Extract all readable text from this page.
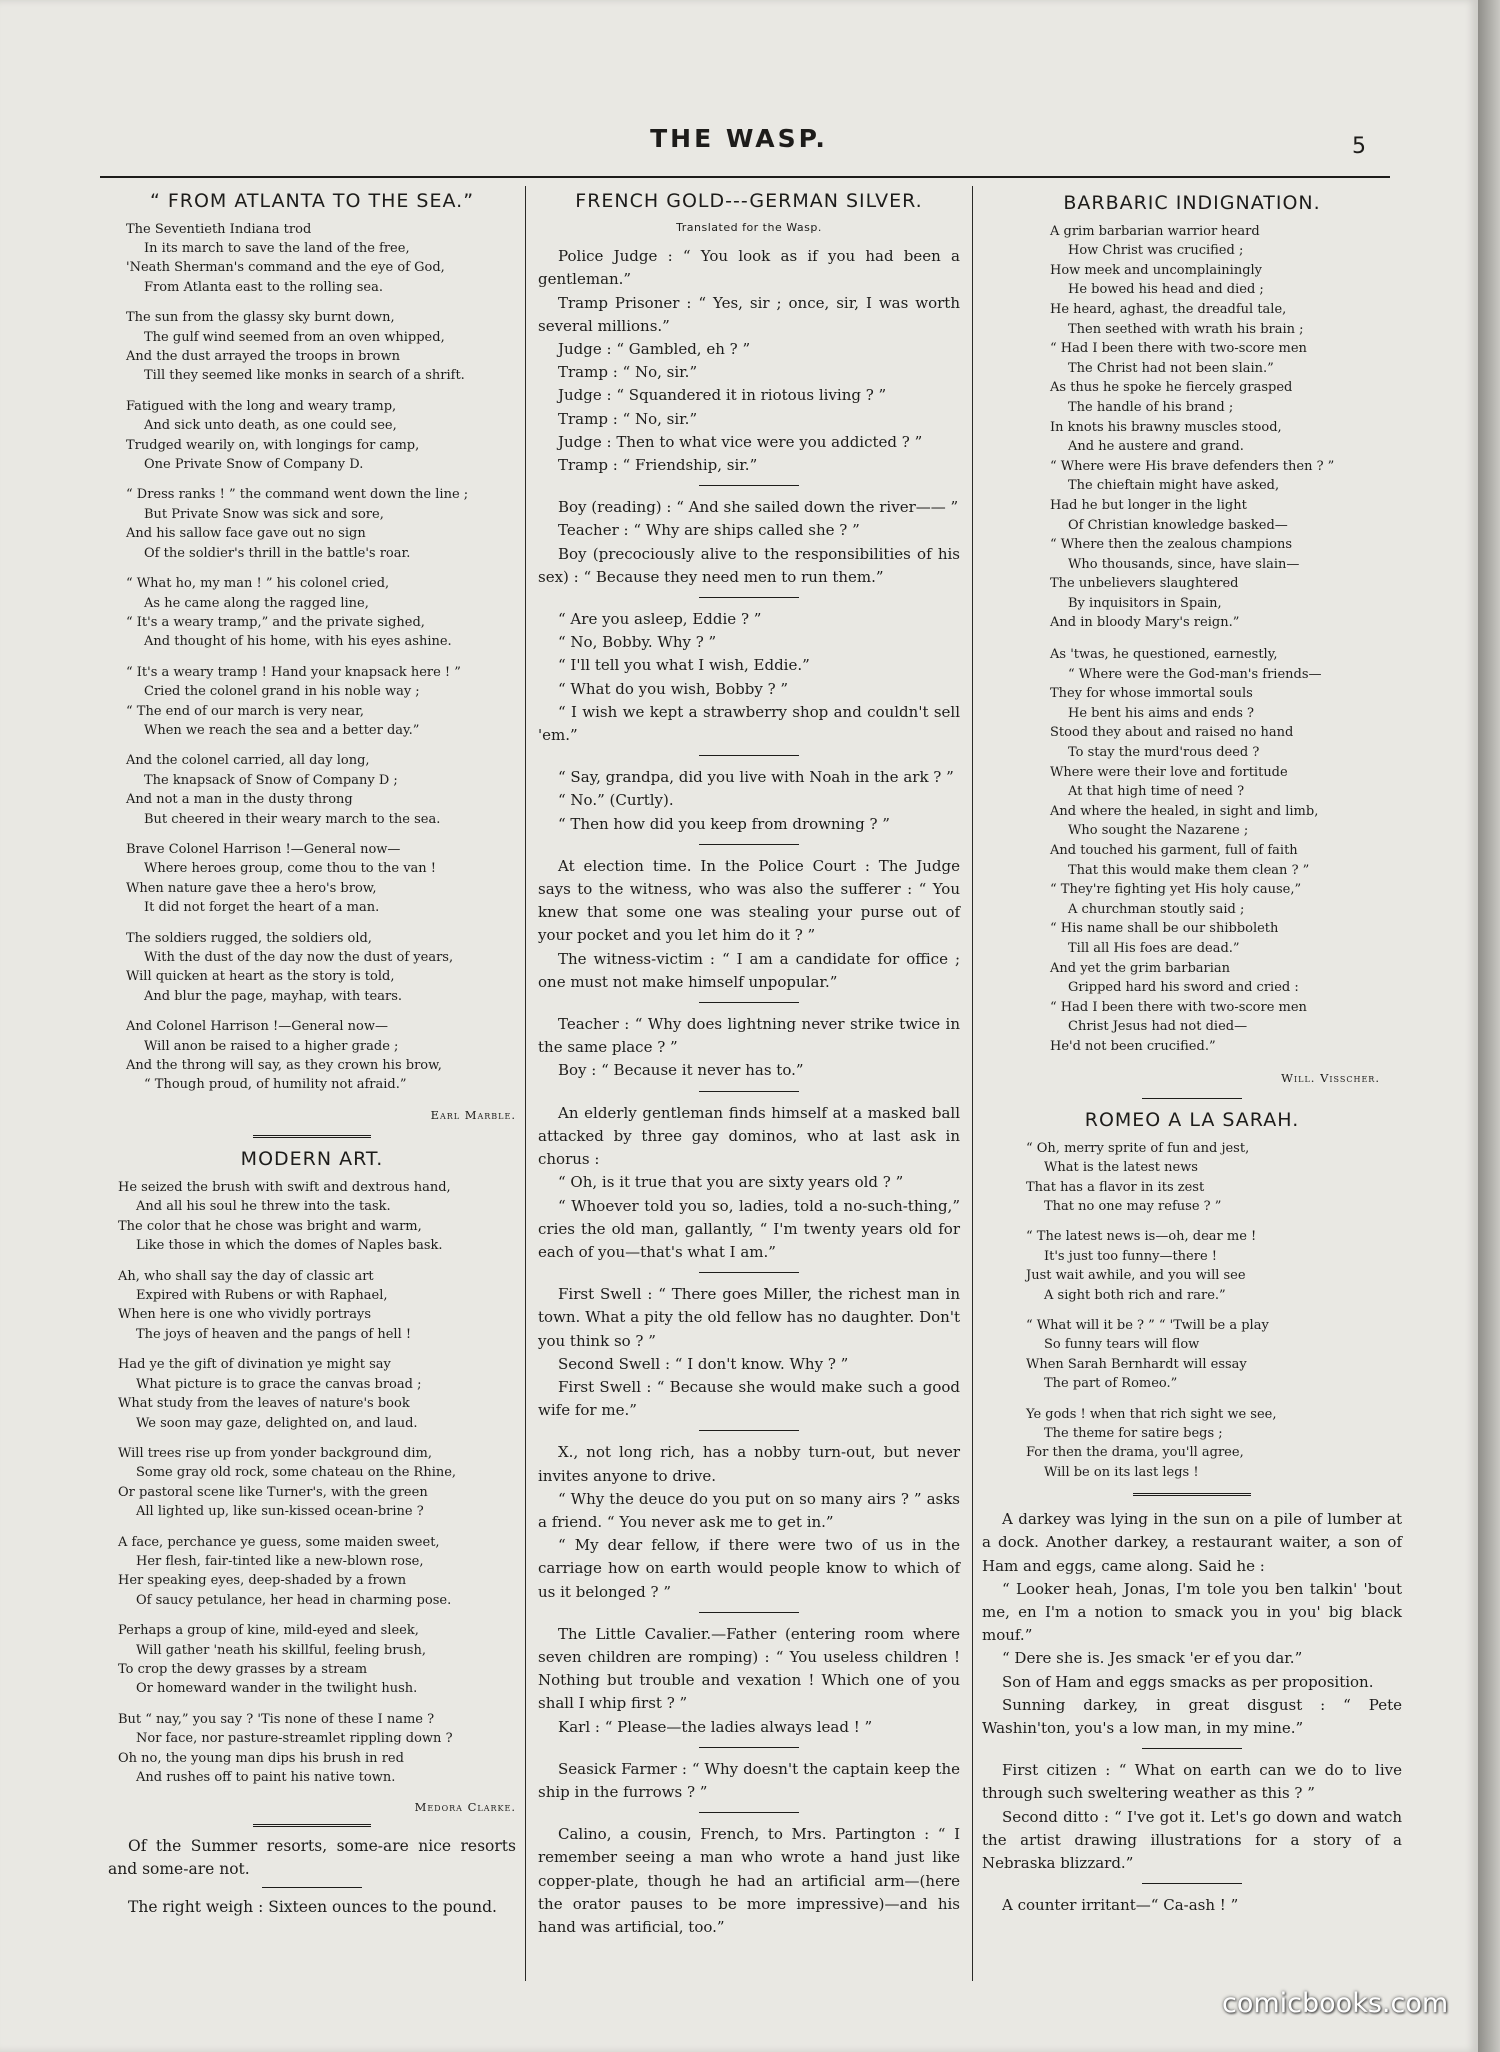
THE WASP.	5
“ FROM ATLANTA TO THE SEA.”
The Seventieth Indiana trod
In its march to save the land of the free,
'Neath Sherman's command and the eye of God,
From Atlanta east to the rolling sea.
The sun from the glassy sky burnt down,
The gulf wind seemed from an oven whipped,
And the dust arrayed the troops in brown
Till they seemed like monks in search of a shrift.
Fatigued with the long and weary tramp,
And sick unto death, as one could see,
Trudged wearily on, with longings for camp,
One Private Snow of Company D.
“ Dress ranks ! ” the command went down the line ;
But Private Snow was sick and sore,
And his sallow face gave out no sign
Of the soldier's thrill in the battle's roar.
“ What ho, my man ! ” his colonel cried,
As he came along the ragged line,
“ It's a weary tramp,” and the private sighed,
And thought of his home, with his eyes ashine.
“ It's a weary tramp ! Hand your knapsack here ! ”
Cried the colonel grand in his noble way ;
“ The end of our march is very near,
When we reach the sea and a better day.”
And the colonel carried, all day long,
The knapsack of Snow of Company D ;
And not a man in the dusty throng
But cheered in their weary march to the sea.
Brave Colonel Harrison !—General now—
Where heroes group, come thou to the van !
When nature gave thee a hero's brow,
It did not forget the heart of a man.
The soldiers rugged, the soldiers old,
With the dust of the day now the dust of years,
Will quicken at heart as the story is told,
And blur the page, mayhap, with tears.
And Colonel Harrison !—General now—
Will anon be raised to a higher grade ;
And the throng will say, as they crown his brow,
“ Though proud, of humility not afraid.”
Earl Marble.
MODERN ART.
He seized the brush with swift and dextrous hand,
And all his soul he threw into the task.
The color that he chose was bright and warm,
Like those in which the domes of Naples bask.
Ah, who shall say the day of classic art
Expired with Rubens or with Raphael,
When here is one who vividly portrays
The joys of heaven and the pangs of hell !
Had ye the gift of divination ye might say
What picture is to grace the canvas broad ;
What study from the leaves of nature's book
We soon may gaze, delighted on, and laud.
Will trees rise up from yonder background dim,
Some gray old rock, some chateau on the Rhine,
Or pastoral scene like Turner's, with the green
All lighted up, like sun-kissed ocean-brine ?
A face, perchance ye guess, some maiden sweet,
Her flesh, fair-tinted like a new-blown rose,
Her speaking eyes, deep-shaded by a frown
Of saucy petulance, her head in charming pose.
Perhaps a group of kine, mild-eyed and sleek,
Will gather 'neath his skillful, feeling brush,
To crop the dewy grasses by a stream
Or homeward wander in the twilight hush.
But “ nay,” you say ? 'Tis none of these I name ?
Nor face, nor pasture-streamlet rippling down ?
Oh no, the young man dips his brush in red
And rushes off to paint his native town.
Medora Clarke.

Of the Summer resorts, some-are nice resorts and some-are not.

The right weigh : Sixteen ounces to the pound.

FRENCH GOLD---GERMAN SILVER.
Translated for the Wasp.

Police Judge : “ You look as if you had been a gentleman.”

Tramp Prisoner : “ Yes, sir ; once, sir, I was worth several millions.”

Judge : “ Gambled, eh ? ”

Tramp : “ No, sir.”

Judge : “ Squandered it in riotous living ? ”

Tramp : “ No, sir.”

Judge : Then to what vice were you addicted ? ”

Tramp : “ Friendship, sir.”

Boy (reading) : “ And she sailed down the river—— ”

Teacher : “ Why are ships called she ? ”

Boy (precociously alive to the responsibilities of his sex) : “ Because they need men to run them.”

“ Are you asleep, Eddie ? ”

“ No, Bobby. Why ? ”

“ I'll tell you what I wish, Eddie.”

“ What do you wish, Bobby ? ”

“ I wish we kept a strawberry shop and couldn't sell 'em.”

“ Say, grandpa, did you live with Noah in the ark ? ”

“ No.” (Curtly).

“ Then how did you keep from drowning ? ”

At election time. In the Police Court : The Judge says to the witness, who was also the sufferer : “ You knew that some one was stealing your purse out of your pocket and you let him do it ? ”

The witness-victim : “ I am a candidate for office ; one must not make himself unpopular.”

Teacher : “ Why does lightning never strike twice in the same place ? ”

Boy : “ Because it never has to.”

An elderly gentleman finds himself at a masked ball attacked by three gay dominos, who at last ask in chorus :

“ Oh, is it true that you are sixty years old ? ”

“ Whoever told you so, ladies, told a no-such-thing,” cries the old man, gallantly, “ I'm twenty years old for each of you—that's what I am.”

First Swell : “ There goes Miller, the richest man in town. What a pity the old fellow has no daughter. Don't you think so ? ”

Second Swell : “ I don't know. Why ? ”

First Swell : “ Because she would make such a good wife for me.”

X., not long rich, has a nobby turn-out, but never invites anyone to drive.

“ Why the deuce do you put on so many airs ? ” asks a friend. “ You never ask me to get in.”

“ My dear fellow, if there were two of us in the carriage how on earth would people know to which of us it belonged ? ”

The Little Cavalier.—Father (entering room where seven children are romping) : “ You useless children ! Nothing but trouble and vexation ! Which one of you shall I whip first ? ”

Karl : “ Please—the ladies always lead ! ”

Seasick Farmer : “ Why doesn't the captain keep the ship in the furrows ? ”

Calino, a cousin, French, to Mrs. Partington : “ I remember seeing a man who wrote a hand just like copper-plate, though he had an artificial arm—(here the orator pauses to be more impressive)—and his hand was artificial, too.”

BARBARIC INDIGNATION.
A grim barbarian warrior heard
How Christ was crucified ;
How meek and uncomplainingly
He bowed his head and died ;
He heard, aghast, the dreadful tale,
Then seethed with wrath his brain ;
“ Had I been there with two-score men
The Christ had not been slain.”
As thus he spoke he fiercely grasped
The handle of his brand ;
In knots his brawny muscles stood,
And he austere and grand.
“ Where were His brave defenders then ? ”
The chieftain might have asked,
Had he but longer in the light
Of Christian knowledge basked—
“ Where then the zealous champions
Who thousands, since, have slain—
The unbelievers slaughtered
By inquisitors in Spain,
And in bloody Mary's reign.”
As 'twas, he questioned, earnestly,
“ Where were the God-man's friends—
They for whose immortal souls
He bent his aims and ends ?
Stood they about and raised no hand
To stay the murd'rous deed ?
Where were their love and fortitude
At that high time of need ?
And where the healed, in sight and limb,
Who sought the Nazarene ;
And touched his garment, full of faith
That this would make them clean ? ”
“ They're fighting yet His holy cause,”
A churchman stoutly said ;
“ His name shall be our shibboleth
Till all His foes are dead.”
And yet the grim barbarian
Gripped hard his sword and cried :
“ Had I been there with two-score men
Christ Jesus had not died—
He'd not been crucified.”
Will. Visscher.
ROMEO A LA SARAH.
“ Oh, merry sprite of fun and jest,
What is the latest news
That has a flavor in its zest
That no one may refuse ? ”
“ The latest news is—oh, dear me !
It's just too funny—there !
Just wait awhile, and you will see
A sight both rich and rare.”
“ What will it be ? ” “ 'Twill be a play
So funny tears will flow
When Sarah Bernhardt will essay
The part of Romeo.”
Ye gods ! when that rich sight we see,
The theme for satire begs ;
For then the drama, you'll agree,
Will be on its last legs !

A darkey was lying in the sun on a pile of lumber at a dock. Another darkey, a restaurant waiter, a son of Ham and eggs, came along. Said he :

“ Looker heah, Jonas, I'm tole you ben talkin' 'bout me, en I'm a notion to smack you in you' big black mouf.”

“ Dere she is. Jes smack 'er ef you dar.”

Son of Ham and eggs smacks as per proposition.

Sunning darkey, in great disgust : “ Pete Washin'ton, you's a low man, in my mine.”

First citizen : “ What on earth can we do to live through such sweltering weather as this ? ”

Second ditto : “ I've got it. Let's go down and watch the artist drawing illustrations for a story of a Nebraska blizzard.”

A counter irritant—“ Ca-ash ! ”

comicbooks.com
